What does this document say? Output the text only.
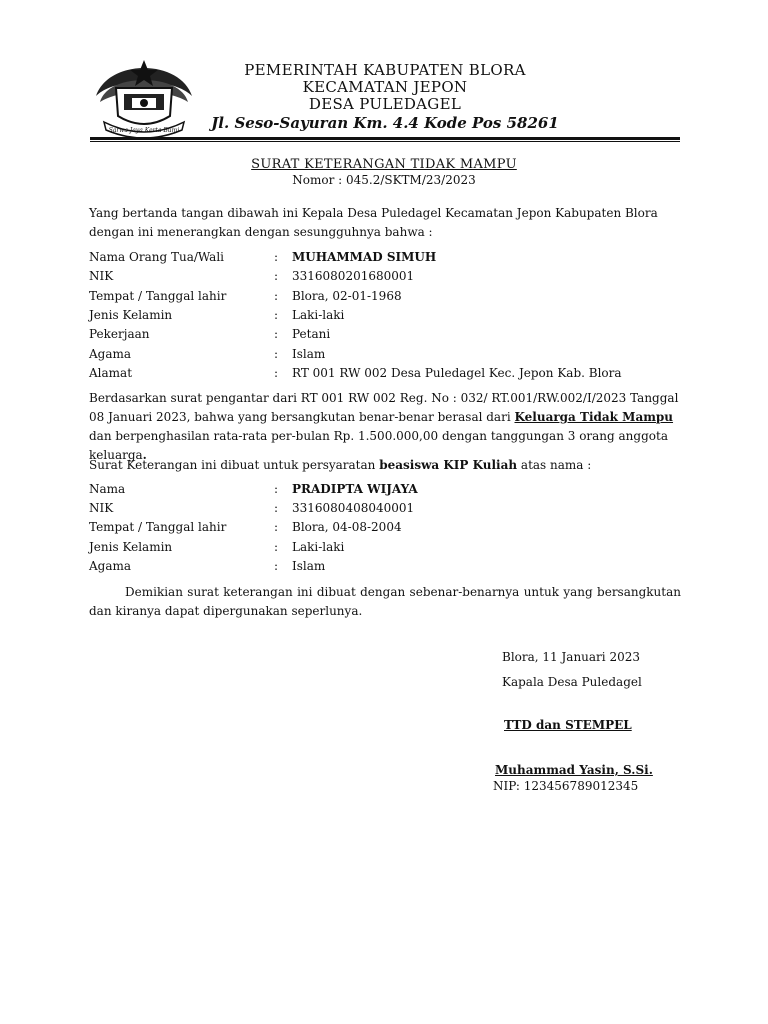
Sarwa Jaya Kerta Bumi
PEMERINTAH KABUPATEN BLORA
KECAMATAN JEPON
DESA PULEDAGEL
Jl. Seso-Sayuran Km. 4.4 Kode Pos 58261
SURAT KETERANGAN TIDAK MAMPU
Nomor : 045.2/SKTM/23/2023
Yang bertanda tangan dibawah ini Kepala Desa Puledagel Kecamatan Jepon Kabupaten Blora dengan ini menerangkan dengan sesungguhnya bahwa :
Nama Orang Tua/Wali	:	MUHAMMAD SIMUH
NIK	:	3316080201680001
Tempat / Tanggal lahir	:	Blora, 02-01-1968
Jenis Kelamin	:	Laki-laki
Pekerjaan	:	Petani
Agama	:	Islam
Alamat	:	RT 001 RW 002 Desa Puledagel Kec. Jepon Kab. Blora
Berdasarkan surat pengantar dari RT 001 RW 002 Reg. No : 032/ RT.001/RW.002/I/2023 Tanggal 08 Januari 2023, bahwa yang bersangkutan benar-benar berasal dari Keluarga Tidak Mampu dan berpenghasilan rata-rata per-bulan Rp. 1.500.000,00 dengan tanggungan 3 orang anggota keluarga.
Surat Keterangan ini dibuat untuk persyaratan beasiswa KIP Kuliah atas nama :
Nama	:	PRADIPTA WIJAYA
NIK	:	3316080408040001
Tempat / Tanggal lahir	:	Blora, 04-08-2004
Jenis Kelamin	:	Laki-laki
Agama	:	Islam
Demikian surat keterangan ini dibuat dengan sebenar-benarnya untuk yang bersangkutan dan kiranya dapat dipergunakan seperlunya.
Blora, 11 Januari 2023
Kapala Desa Puledagel
TTD dan STEMPEL
Muhammad Yasin, S.Si.
NIP: 123456789012345
